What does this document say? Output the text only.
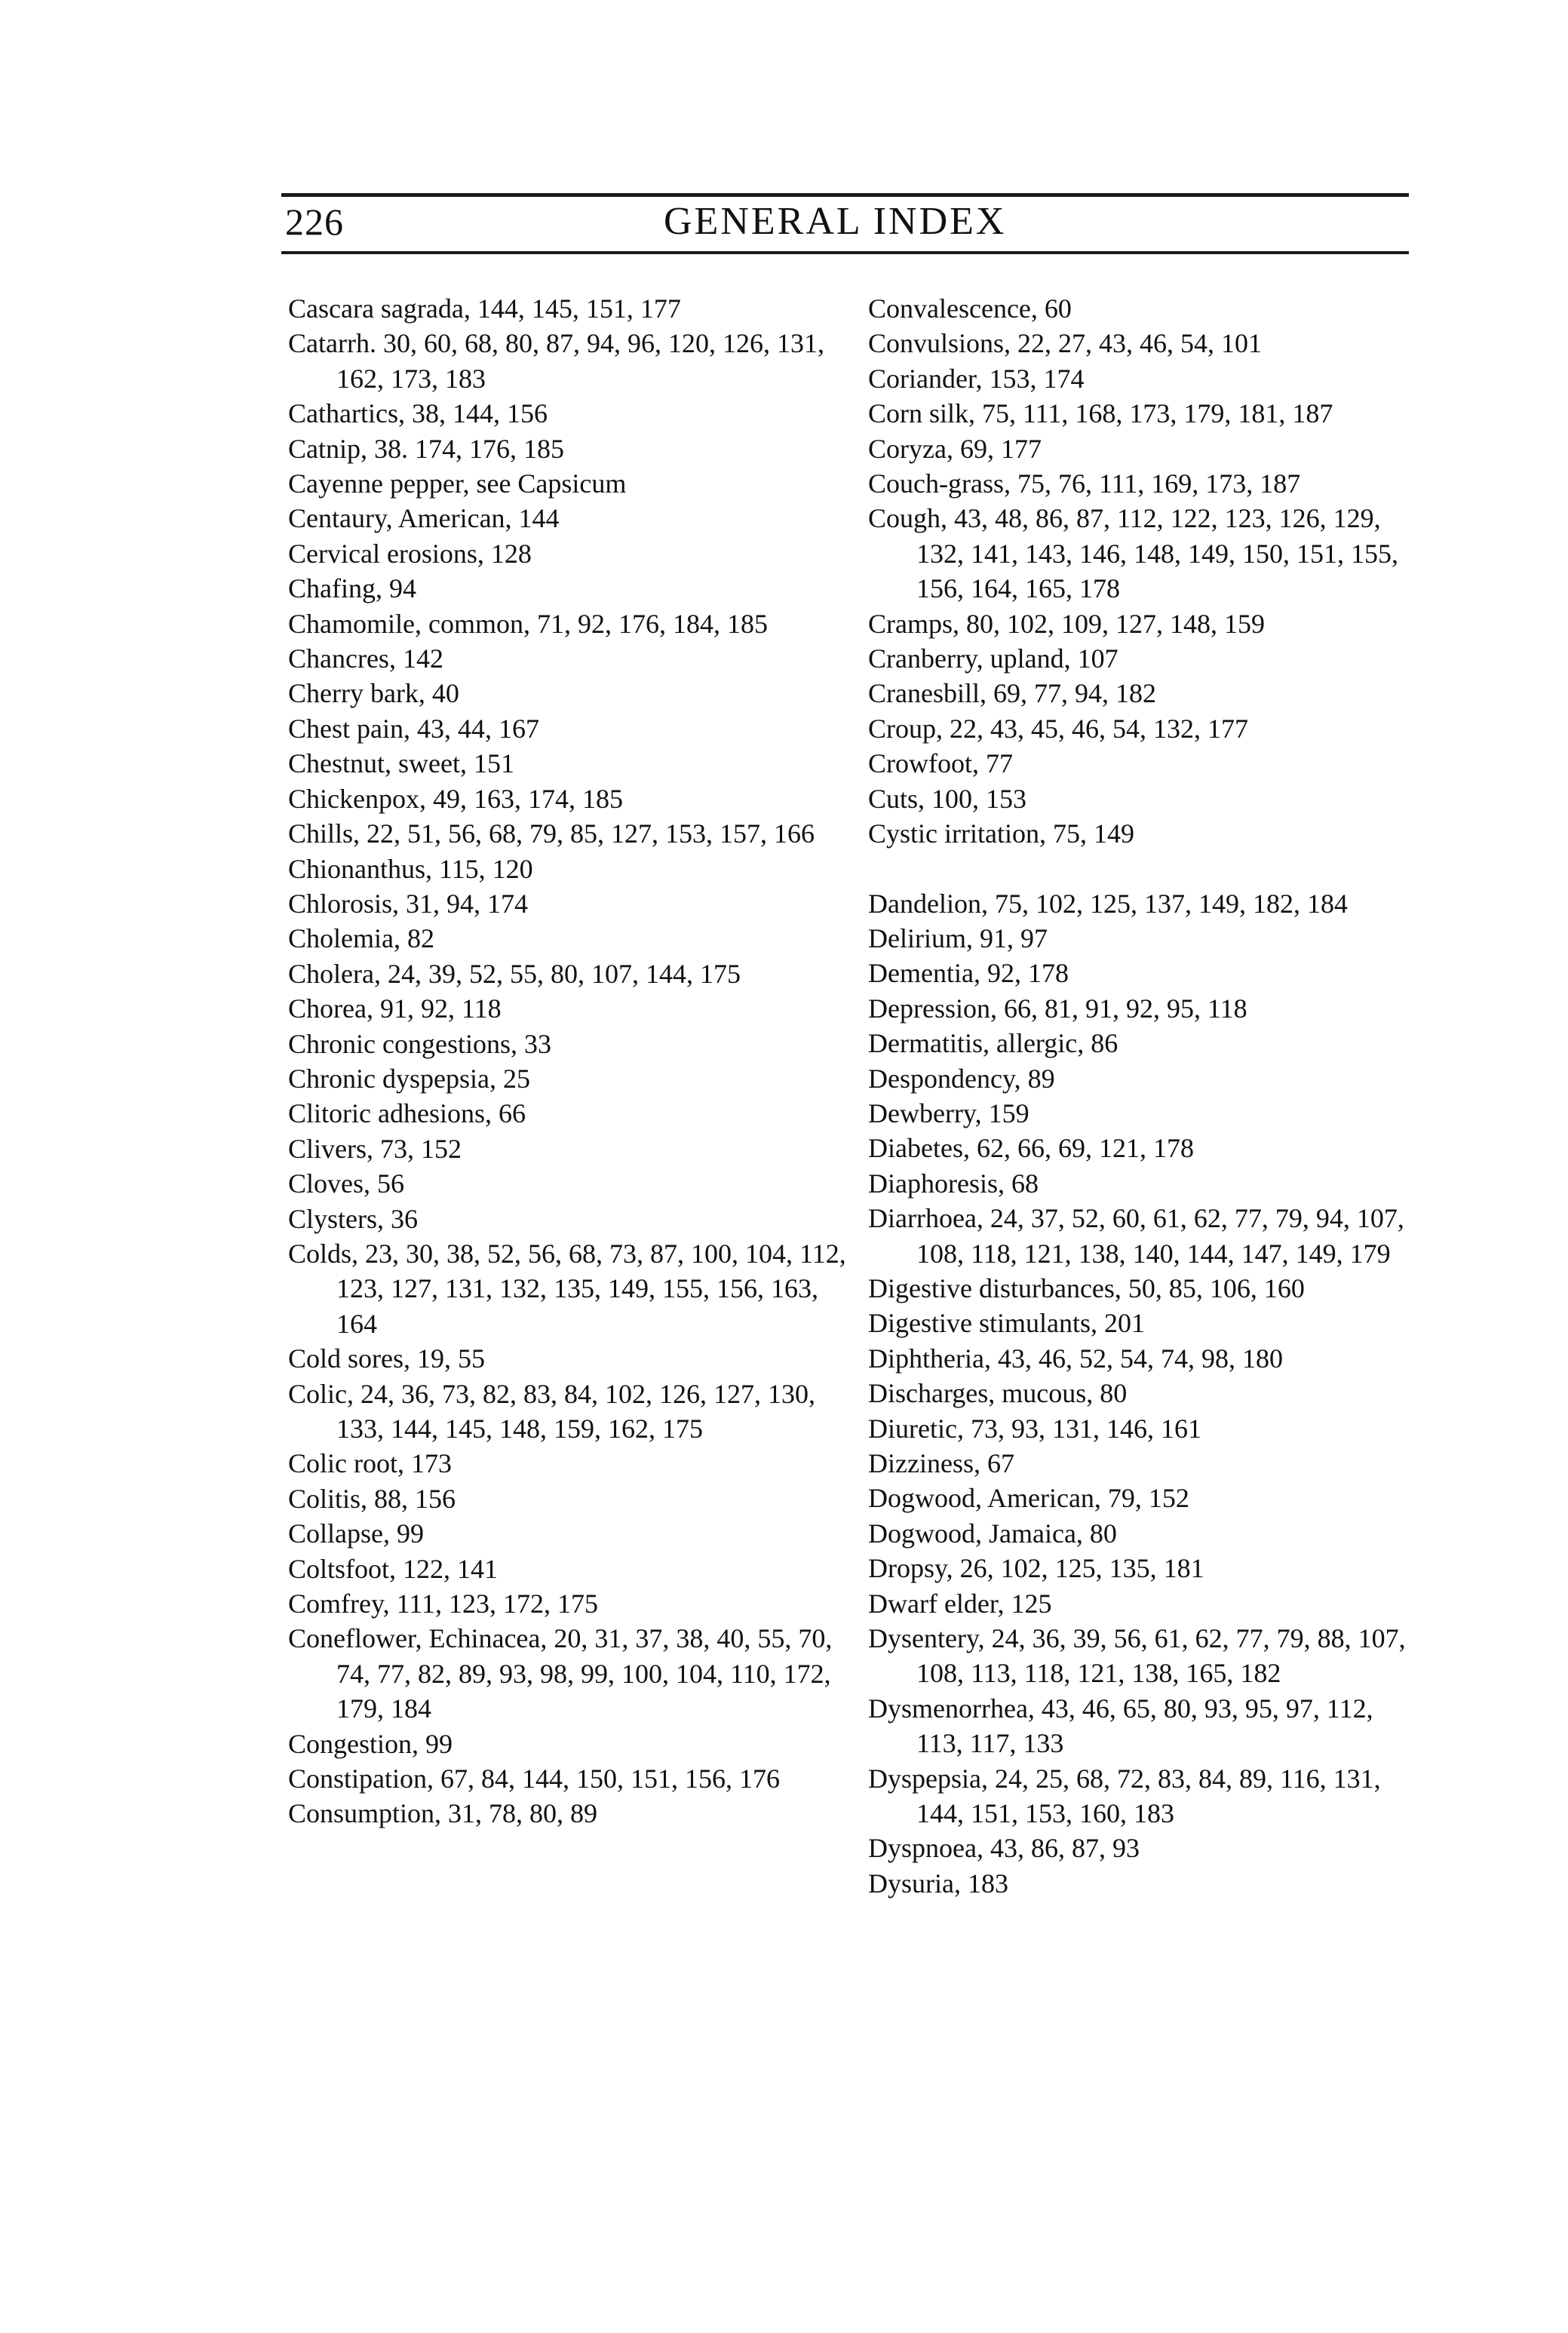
226	GENERAL INDEX
Cascara sagrada, 144, 145, 151, 177
Catarrh. 30, 60, 68, 80, 87, 94, 96, 120, 126, 131, 162, 173, 183
Cathartics, 38, 144, 156
Catnip, 38. 174, 176, 185
Cayenne pepper, see Capsicum
Centaury, American, 144
Cervical erosions, 128
Chafing, 94
Chamomile, common, 71, 92, 176, 184, 185
Chancres, 142
Cherry bark, 40
Chest pain, 43, 44, 167
Chestnut, sweet, 151
Chickenpox, 49, 163, 174, 185
Chills, 22, 51, 56, 68, 79, 85, 127, 153, 157, 166
Chionanthus, 115, 120
Chlorosis, 31, 94, 174
Cholemia, 82
Cholera, 24, 39, 52, 55, 80, 107, 144, 175
Chorea, 91, 92, 118
Chronic congestions, 33
Chronic dyspepsia, 25
Clitoric adhesions, 66
Clivers, 73, 152
Cloves, 56
Clysters, 36
Colds, 23, 30, 38, 52, 56, 68, 73, 87, 100, 104, 112, 123, 127, 131, 132, 135, 149, 155, 156, 163, 164
Cold sores, 19, 55
Colic, 24, 36, 73, 82, 83, 84, 102, 126, 127, 130, 133, 144, 145, 148, 159, 162, 175
Colic root, 173
Colitis, 88, 156
Collapse, 99
Coltsfoot, 122, 141
Comfrey, 111, 123, 172, 175
Coneflower, Echinacea, 20, 31, 37, 38, 40, 55, 70, 74, 77, 82, 89, 93, 98, 99, 100, 104, 110, 172, 179, 184
Congestion, 99
Constipation, 67, 84, 144, 150, 151, 156, 176
Consumption, 31, 78, 80, 89
Convalescence, 60
Convulsions, 22, 27, 43, 46, 54, 101
Coriander, 153, 174
Corn silk, 75, 111, 168, 173, 179, 181, 187
Coryza, 69, 177
Couch-grass, 75, 76, 111, 169, 173, 187
Cough, 43, 48, 86, 87, 112, 122, 123, 126, 129, 132, 141, 143, 146, 148, 149, 150, 151, 155, 156, 164, 165, 178
Cramps, 80, 102, 109, 127, 148, 159
Cranberry, upland, 107
Cranesbill, 69, 77, 94, 182
Croup, 22, 43, 45, 46, 54, 132, 177
Crowfoot, 77
Cuts, 100, 153
Cystic irritation, 75, 149
Dandelion, 75, 102, 125, 137, 149, 182, 184
Delirium, 91, 97
Dementia, 92, 178
Depression, 66, 81, 91, 92, 95, 118
Dermatitis, allergic, 86
Despondency, 89
Dewberry, 159
Diabetes, 62, 66, 69, 121, 178
Diaphoresis, 68
Diarrhoea, 24, 37, 52, 60, 61, 62, 77, 79, 94, 107, 108, 118, 121, 138, 140, 144, 147, 149, 179
Digestive disturbances, 50, 85, 106, 160
Digestive stimulants, 201
Diphtheria, 43, 46, 52, 54, 74, 98, 180
Discharges, mucous, 80
Diuretic, 73, 93, 131, 146, 161
Dizziness, 67
Dogwood, American, 79, 152
Dogwood, Jamaica, 80
Dropsy, 26, 102, 125, 135, 181
Dwarf elder, 125
Dysentery, 24, 36, 39, 56, 61, 62, 77, 79, 88, 107, 108, 113, 118, 121, 138, 165, 182
Dysmenorrhea, 43, 46, 65, 80, 93, 95, 97, 112, 113, 117, 133
Dyspepsia, 24, 25, 68, 72, 83, 84, 89, 116, 131, 144, 151, 153, 160, 183
Dyspnoea, 43, 86, 87, 93
Dysuria, 183
